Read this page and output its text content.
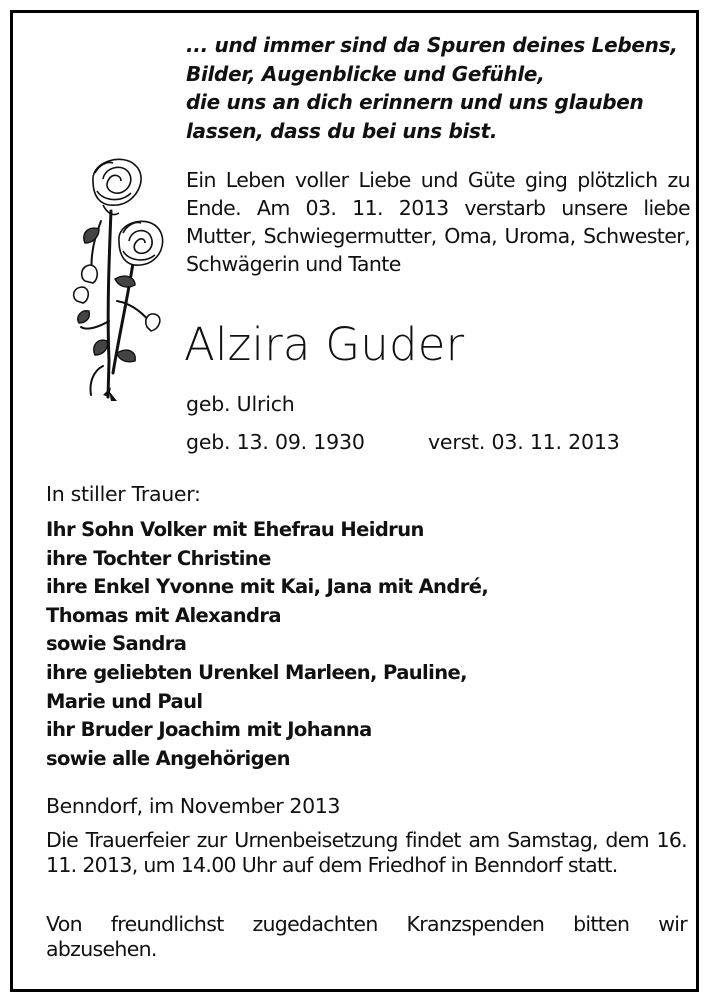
... und immer sind da Spuren deines Lebens,
Bilder, Augenblicke und Gefühle,
die uns an dich erinnern und uns glauben
lassen, dass du bei uns bist.
Ein Leben voller Liebe und Güte ging plötzlich zu Ende. Am 03. 11. 2013 verstarb unsere liebe Mutter, Schwiegermutter, Oma, Uroma, Schwester, Schwägerin und Tante
Alzira Guder
geb. Ulrich
geb. 13. 09. 1930	verst. 03. 11. 2013
In stiller Trauer:
Ihr Sohn Volker mit Ehefrau Heidrun
ihre Tochter Christine
ihre Enkel Yvonne mit Kai, Jana mit André,
Thomas mit Alexandra
sowie Sandra
ihre geliebten Urenkel Marleen, Pauline,
Marie und Paul
ihr Bruder Joachim mit Johanna
sowie alle Angehörigen
Benndorf, im November 2013
Die Trauerfeier zur Urnenbeisetzung findet am Samstag, dem 16. 11. 2013, um 14.00 Uhr auf dem Friedhof in Benndorf statt.
Von freundlichst zugedachten Kranzspenden bitten wir abzusehen.
